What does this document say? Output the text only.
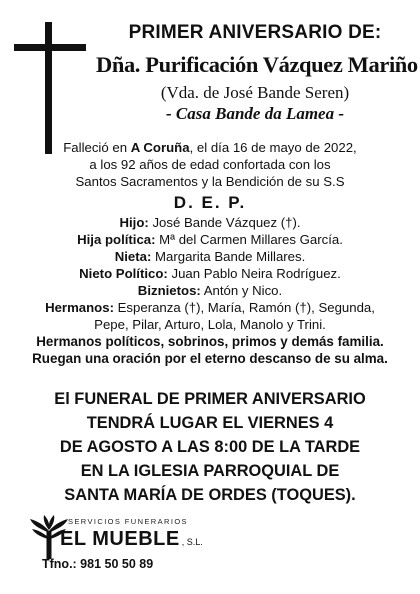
PRIMER ANIVERSARIO DE:
Dña. Purificación Vázquez Mariño
(Vda. de José Bande Seren)
- Casa Bande da Lamea -
Falleció en A Coruña, el día 16 de mayo de 2022,
a los 92 años de edad confortada con los
Santos Sacramentos y la Bendición de su S.S
D. E. P.
Hijo: José Bande Vázquez (†).
Hija política: Mª del Carmen Millares García.
Nieta: Margarita Bande Millares.
Nieto Político: Juan Pablo Neira Rodríguez.
Biznietos: Antón y Nico.
Hermanos: Esperanza (†), María, Ramón (†), Segunda,
Pepe, Pilar, Arturo, Lola, Manolo y Trini.
Hermanos políticos, sobrinos, primos y demás familia.
Ruegan una oración por el eterno descanso de su alma.
El FUNERAL DE PRIMER ANIVERSARIO
TENDRÁ LUGAR EL VIERNES 4
DE AGOSTO A LAS 8:00 DE LA TARDE
EN LA IGLESIA PARROQUIAL DE
SANTA MARÍA DE ORDES (TOQUES).
SERVICIOS FUNERARIOS
EL MUEBLE , S.L.
Tfno.: 981 50 50 89
